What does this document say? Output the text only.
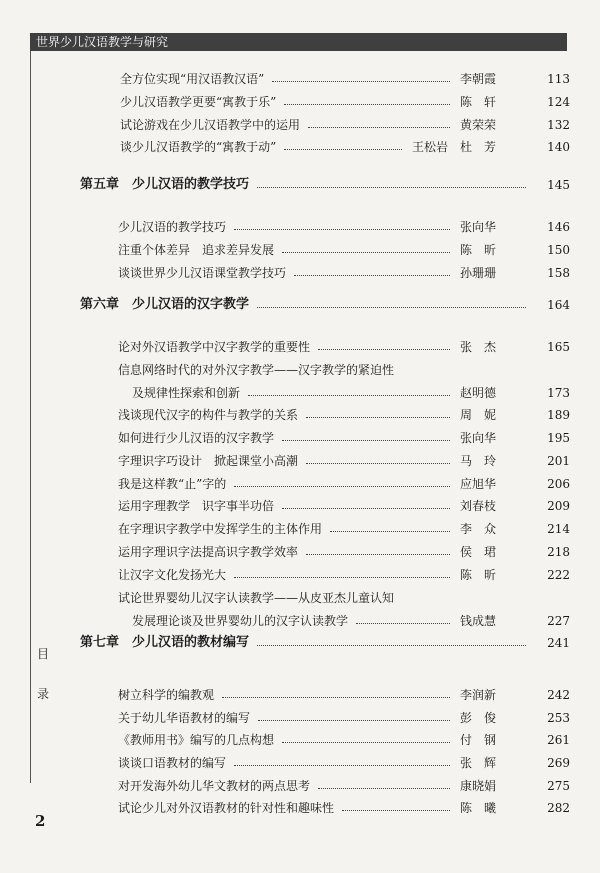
世界少儿汉语教学与研究
目
录
2
全方位实现“用汉语教汉语”	李朝霞	113
少儿汉语教学更要“寓教于乐”	陈　轩	124
试论游戏在少儿汉语教学中的运用	黄荣荣	132
谈少儿汉语教学的“寓教于动”	王松岩　杜　芳	140
第五章　少儿汉语的教学技巧	145
少儿汉语的教学技巧	张向华	146
注重个体差异　追求差异发展	陈　昕	150
谈谈世界少儿汉语课堂教学技巧	孙珊珊	158
第六章　少儿汉语的汉字教学	164
论对外汉语教学中汉字教学的重要性	张　杰	165
信息网络时代的对外汉字教学——汉字教学的紧迫性
及规律性探索和创新	赵明德	173
浅谈现代汉字的构件与教学的关系	周　妮	189
如何进行少儿汉语的汉字教学	张向华	195
字理识字巧设计　掀起课堂小高潮	马　玲	201
我是这样教“止”字的	应旭华	206
运用字理教学　识字事半功倍	刘春枝	209
在字理识字教学中发挥学生的主体作用	李　众	214
运用字理识字法提高识字教学效率	侯　珺	218
让汉字文化发扬光大	陈　昕	222
试论世界婴幼儿汉字认读教学——从皮亚杰儿童认知
发展理论谈及世界婴幼儿的汉字认读教学	钱成慧	227
第七章　少儿汉语的教材编写	241
树立科学的编教观	李润新	242
关于幼儿华语教材的编写	彭　俊	253
《教师用书》编写的几点构想	付　钢	261
谈谈口语教材的编写	张　辉	269
对开发海外幼儿华文教材的两点思考	康晓娟	275
试论少儿对外汉语教材的针对性和趣味性	陈　曦	282
